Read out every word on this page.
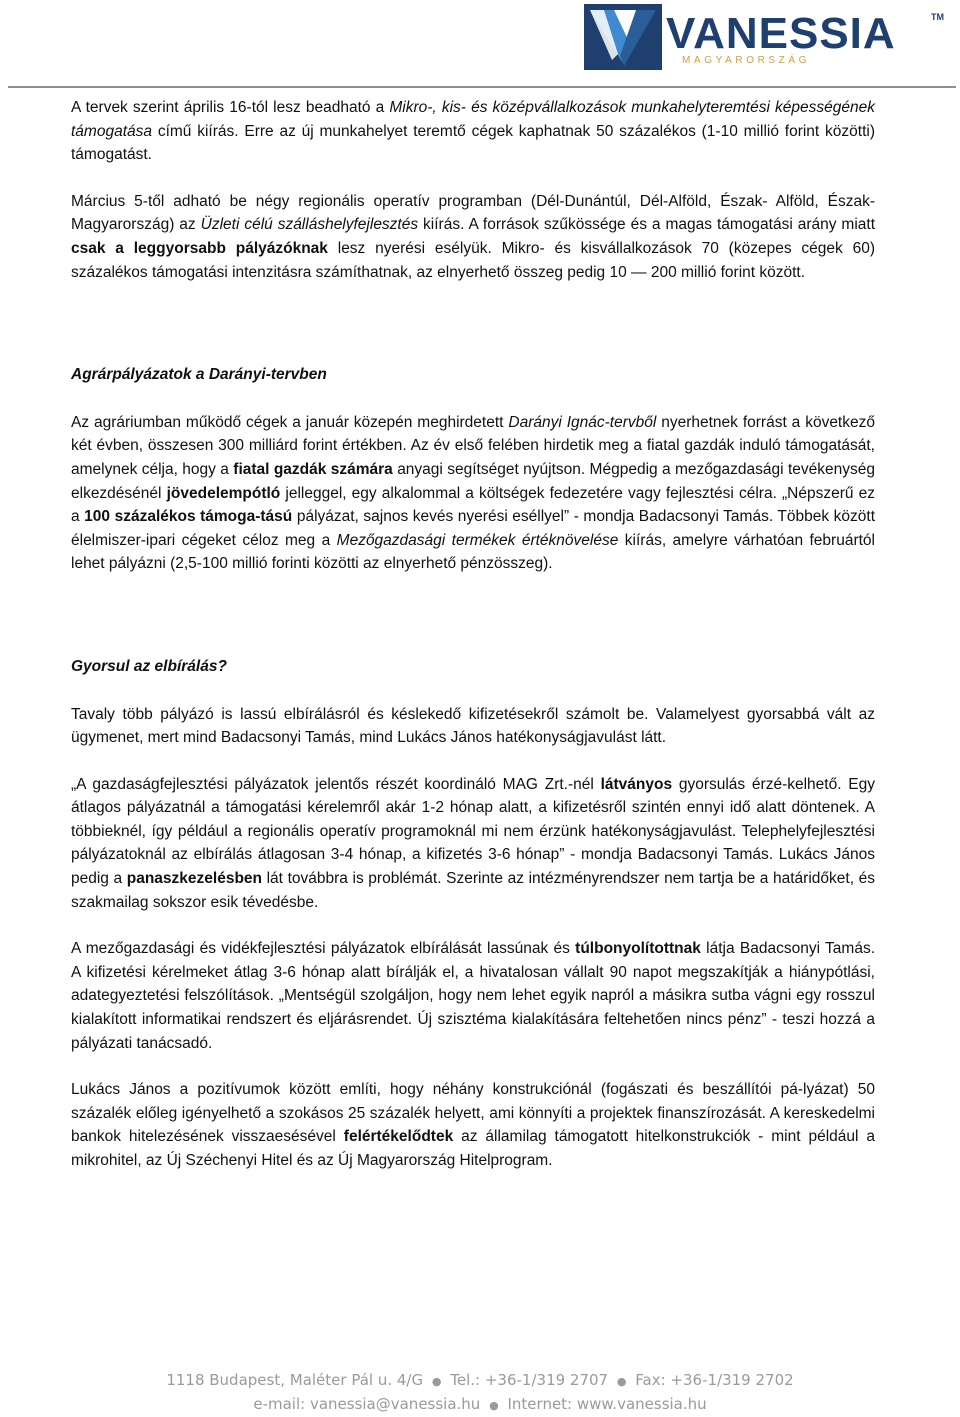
VANESSIA	TM
MAGYARORSZÁG

A tervek szerint április 16-tól lesz beadható a Mikro-, kis- és középvállalkozások munkahelyteremtési képességének támogatása című kiírás. Erre az új munkahelyet teremtő cégek kaphatnak 50 százalékos (1-10 millió forint közötti) támogatást.

Március 5-től adható be négy regionális operatív programban (Dél-Dunántúl, Dél-Alföld, Észak- Alföld, Észak-Magyarország) az Üzleti célú szálláshelyfejlesztés kiírás. A források szűkössége és a magas támogatási arány miatt csak a leggyorsabb pályázóknak lesz nyerési esélyük. Mikro- és kisvállalkozások 70 (közepes cégek 60) százalékos támogatási intenzitásra számíthatnak, az elnyerhető összeg pedig 10 — 200 millió forint között.

Agrárpályázatok a Darányi-tervben

Az agráriumban működő cégek a január közepén meghirdetett Darányi Ignác-tervből nyerhetnek forrást a következő két évben, összesen 300 milliárd forint értékben. Az év első felében hirdetik meg a fiatal gazdák induló támogatását, amelynek célja, hogy a fiatal gazdák számára anyagi segítséget nyújtson. Mégpedig a mezőgazdasági tevékenység elkezdésénél jövedelempótló jelleggel, egy alkalommal a költségek fedezetére vagy fejlesztési célra. „Népszerű ez a 100 százalékos támoga-tású pályázat, sajnos kevés nyerési eséllyel” - mondja Badacsonyi Tamás. Többek között élelmiszer-ipari cégeket céloz meg a Mezőgazdasági termékek értéknövelése kiírás, amelyre várhatóan februártól lehet pályázni (2,5-100 millió forinti közötti az elnyerhető pénzösszeg).

Gyorsul az elbírálás?

Tavaly több pályázó is lassú elbírálásról és késlekedő kifizetésekről számolt be. Valamelyest gyorsabbá vált az ügymenet, mert mind Badacsonyi Tamás, mind Lukács János hatékonyságjavulást látt.

„A gazdaságfejlesztési pályázatok jelentős részét koordináló MAG Zrt.-nél látványos gyorsulás érzé-kelhető. Egy átlagos pályázatnál a támogatási kérelemről akár 1-2 hónap alatt, a kifizetésről szintén ennyi idő alatt döntenek. A többieknél, így például a regionális operatív programoknál mi nem érzünk hatékonyságjavulást. Telephelyfejlesztési pályázatoknál az elbírálás átlagosan 3-4 hónap, a kifizetés 3-6 hónap” - mondja Badacsonyi Tamás. Lukács János pedig a panaszkezelésben lát továbbra is problémát. Szerinte az intézményrendszer nem tartja be a határidőket, és szakmailag sokszor esik tévedésbe.

A mezőgazdasági és vidékfejlesztési pályázatok elbírálását lassúnak és túlbonyolítottnak látja Badacsonyi Tamás. A kifizetési kérelmeket átlag 3-6 hónap alatt bírálják el, a hivatalosan vállalt 90 napot megszakítják a hiánypótlási, adategyeztetési felszólítások. „Mentségül szolgáljon, hogy nem lehet egyik napról a másikra sutba vágni egy rosszul kialakított informatikai rendszert és eljárásrendet. Új szisztéma kialakítására feltehetően nincs pénz” - teszi hozzá a pályázati tanácsadó.

Lukács János a pozitívumok között említi, hogy néhány konstrukciónál (fogászati és beszállítói pá-lyázat) 50 százalék előleg igényelhető a szokásos 25 százalék helyett, ami könnyíti a projektek finanszírozását. A kereskedelmi bankok hitelezésének visszaesésével felértékelődtek az államilag támogatott hitelkonstrukciók - mint például a mikrohitel, az Új Széchenyi Hitel és az Új Magyarország Hitelprogram.

1118 Budapest, Maléter Pál u. 4/G ● Tel.: +36-1/319 2707 ● Fax: +36-1/319 2702
e-mail: vanessia@vanessia.hu ● Internet: www.vanessia.hu
